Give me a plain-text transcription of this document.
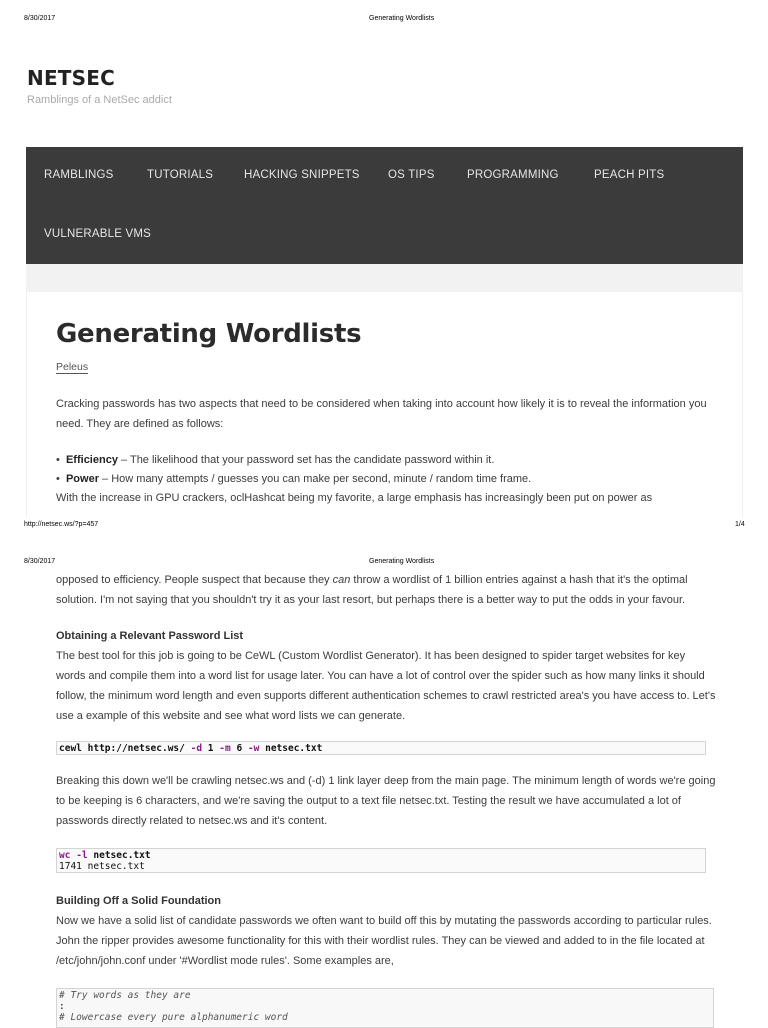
8/30/2017	Generating Wordlists
NETSEC
Ramblings of a NetSec addict
RAMBLINGS	TUTORIALS	HACKING SNIPPETS OS TIPS	PROGRAMMING	PEACH PITS
VULNERABLE VMS
Generating Wordlists
Peleus

Cracking passwords has two aspects that need to be considered when taking into account how likely it is to reveal the information you need. They are defined as follows:

•  Efficiency – The likelihood that your password set has the candidate password within it.
•  Power – How many attempts / guesses you can make per second, minute / random time frame.
With the increase in GPU crackers, oclHashcat being my favorite, a large emphasis has increasingly been put on power as
http://netsec.ws/?p=457	1/4
8/30/2017	Generating Wordlists

opposed to efficiency. People suspect that because they can throw a wordlist of 1 billion entries against a hash that it's the optimal solution. I'm not saying that you shouldn't try it as your last resort, but perhaps there is a better way to put the odds in your favour.

Obtaining a Relevant Password List

The best tool for this job is going to be CeWL (Custom Wordlist Generator). It has been designed to spider target websites for key words and compile them into a word list for usage later. You can have a lot of control over the spider such as how many links it should follow, the minimum word length and even supports different authentication schemes to crawl restricted area's you have access to. Let's use a example of this website and see what word lists we can generate.

cewl http://netsec.ws/ -d 1 -m 6 -w netsec.txt

Breaking this down we'll be crawling netsec.ws and (-d) 1 link layer deep from the main page. The minimum length of words we're going to be keeping is 6 characters, and we're saving the output to a text file netsec.txt. Testing the result we have accumulated a lot of passwords directly related to netsec.ws and it's content.

wc -l netsec.txt
1741 netsec.txt
Building Off a Solid Foundation

Now we have a solid list of candidate passwords we often want to build off this by mutating the passwords according to particular rules. John the ripper provides awesome functionality for this with their wordlist rules. They can be viewed and added to in the file located at /etc/john/john.conf under '#Wordlist mode rules'. Some examples are,

# Try words as they are
:
# Lowercase every pure alphanumeric word
